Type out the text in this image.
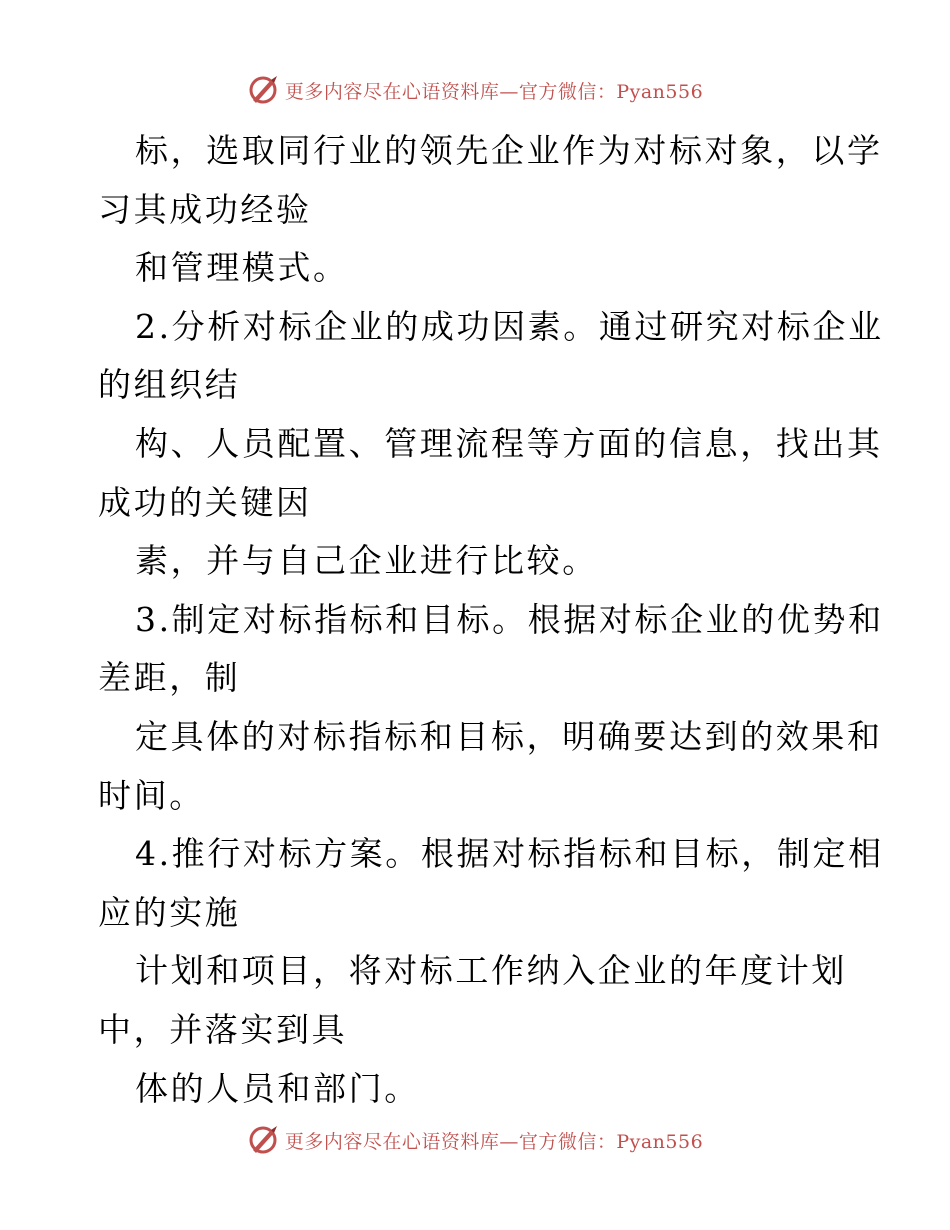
更多内容尽在心语资料库—官方微信：Pyan556
标，选取同行业的领先企业作为对标对象，以学
习其成功经验
和管理模式。
2.分析对标企业的成功因素。通过研究对标企业
的组织结
构、人员配置、管理流程等方面的信息，找出其
成功的关键因
素，并与自己企业进行比较。
3.制定对标指标和目标。根据对标企业的优势和
差距，制
定具体的对标指标和目标，明确要达到的效果和
时间。
4.推行对标方案。根据对标指标和目标，制定相
应的实施
计划和项目，将对标工作纳入企业的年度计划
中，并落实到具
体的人员和部门。
更多内容尽在心语资料库—官方微信：Pyan556
